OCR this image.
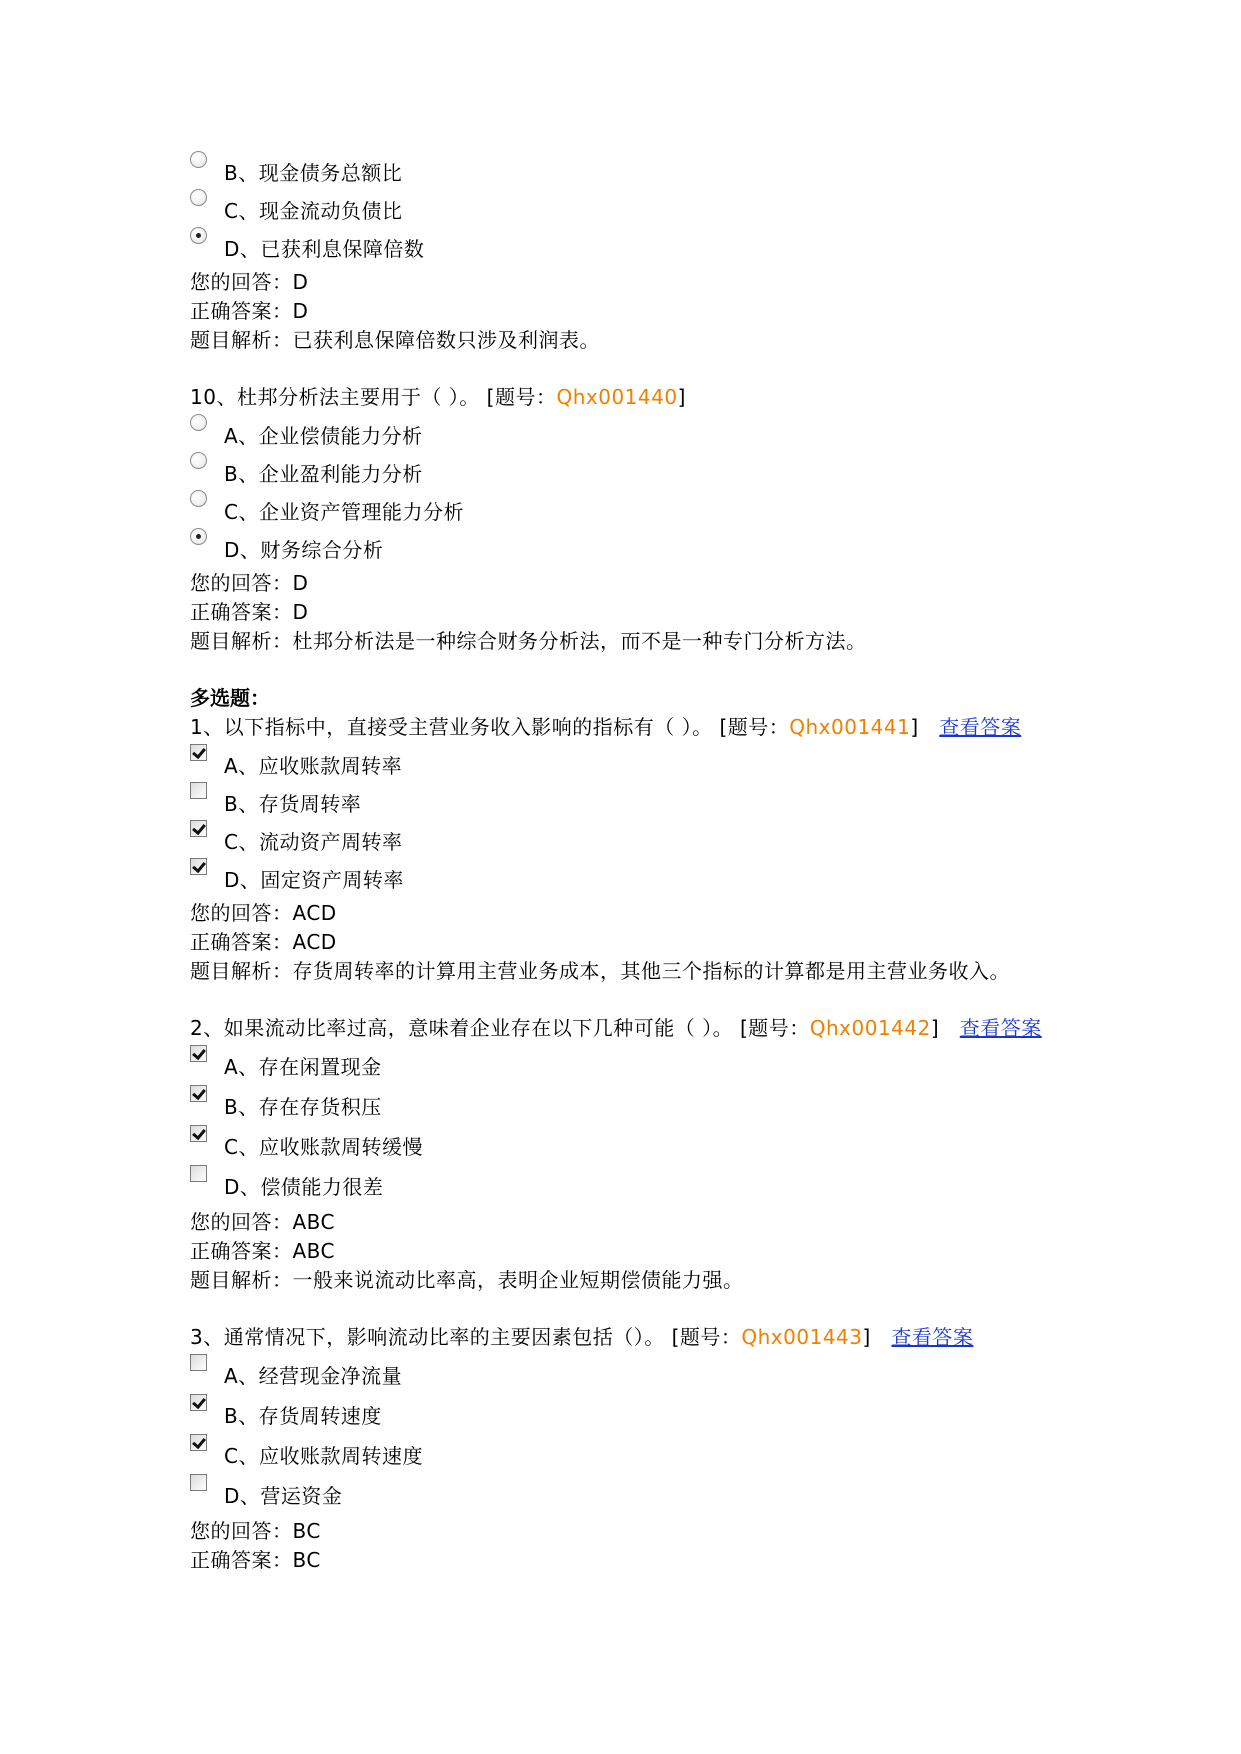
B、现金债务总额比
C、现金流动负债比
D、已获利息保障倍数
您的回答：D
正确答案：D
题目解析：已获利息保障倍数只涉及利润表。
10、杜邦分析法主要用于（ ）。 [题号：Qhx001440]
A、企业偿债能力分析
B、企业盈利能力分析
C、企业资产管理能力分析
D、财务综合分析
您的回答：D
正确答案：D
题目解析：杜邦分析法是一种综合财务分析法，而不是一种专门分析方法。
多选题：
1、以下指标中，直接受主营业务收入影响的指标有（ ）。 [题号：Qhx001441] 查看答案
A、应收账款周转率
B、存货周转率
C、流动资产周转率
D、固定资产周转率
您的回答：ACD
正确答案：ACD
题目解析：存货周转率的计算用主营业务成本，其他三个指标的计算都是用主营业务收入。
2、如果流动比率过高，意味着企业存在以下几种可能（ ）。 [题号：Qhx001442] 查看答案
A、存在闲置现金
B、存在存货积压
C、应收账款周转缓慢
D、偿债能力很差
您的回答：ABC
正确答案：ABC
题目解析：一般来说流动比率高，表明企业短期偿债能力强。
3、通常情况下，影响流动比率的主要因素包括（）。 [题号：Qhx001443] 查看答案
A、经营现金净流量
B、存货周转速度
C、应收账款周转速度
D、营运资金
您的回答：BC
正确答案：BC
